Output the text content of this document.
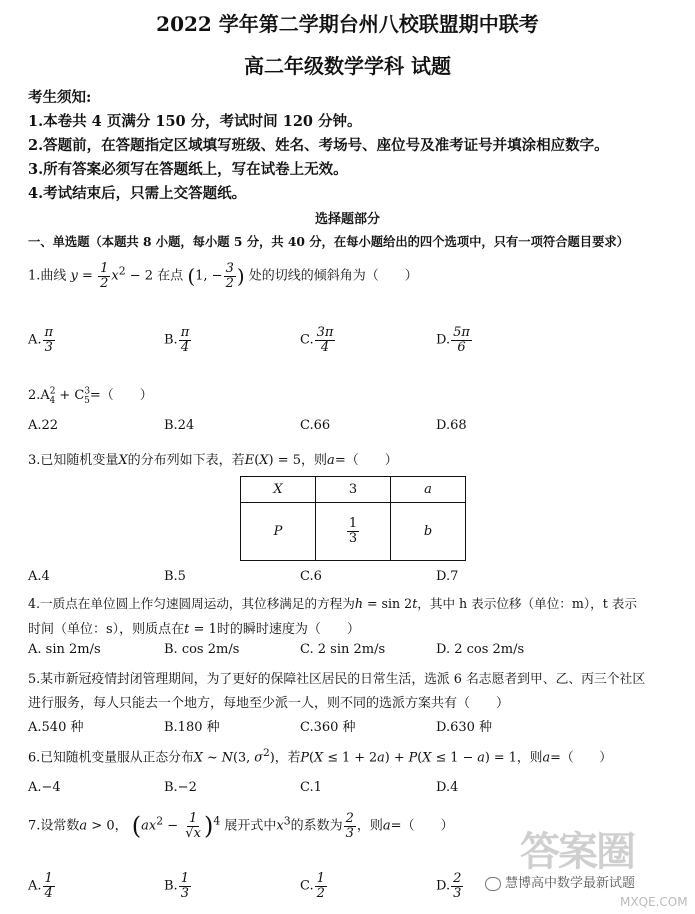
2022 学年第二学期台州八校联盟期中联考
高二年级数学学科 试题
考生须知:
1.本卷共 4 页满分 150 分，考试时间 120 分钟。
2.答题前，在答题指定区域填写班级、姓名、考场号、座位号及准考证号并填涂相应数字。
3.所有答案必须写在答题纸上，写在试卷上无效。
4.考试结束后，只需上交答题纸。
选择题部分
一、单选题（本题共 8 小题，每小题 5 分，共 40 分，在每小题给出的四个选项中，只有一项符合题目要求）
1.曲线 $y = \frac{1}{2} x^2 - 2$ 在点 (1, − $\frac{3}{2}$ ) 处的切线的倾斜角为（　　）
A. $\frac{\pi}{3}$	B. $\frac{\pi}{4}$	C. $\frac{3\pi}{4}$	D. $\frac{5\pi}{6}$
$2.A^2_4 + C^3_5=$（　　）
A.22	B.24	C.66	D.68
3.已知随机变量X的分布列如下表，若E(X) = 5，则a=（　　）
X	3	a
P	$\frac{1}{3}$	b
A.4	B.5	C.6	D.7
4.一质点在单位圆上作匀速圆周运动，其位移满足的方程为h = sin 2t，其中 h 表示位移（单位：m），t 表示
时间（单位：s），则质点在t = 1时的瞬时速度为（　　）
A. sin 2m/s	B. cos 2m/s	C. 2 sin 2m/s	D. 2 cos 2m/s
5.某市新冠疫情封闭管理期间，为了更好的保障社区居民的日常生活，选派 6 名志愿者到甲、乙、丙三个社区
进行服务，每人只能去一个地方，每地至少派一人，则不同的选派方案共有（　　）
A.540 种	B.180 种	C.360 种	D.630 种
6.已知随机变量服从正态分布X ~ N(3, $\sigma^2$)，若P(X ≤ 1 + 2a) + P(X ≤ 1 − a) = 1，则a=（　　）
A.−4	B.−2	C.1	D.4
7.设常数a > 0， $(ax^2 - \frac{1}{√x} )^4$ 展开式中$x^3$的系数为 $\frac{2}{3}$ ，则a=（　　）
A. $\frac{1}{4}$	B. $\frac{1}{3}$	C. $\frac{1}{2}$	D. $\frac{2}{3}$
答案圈
慧博高中数学最新试题
MXQE.COM
